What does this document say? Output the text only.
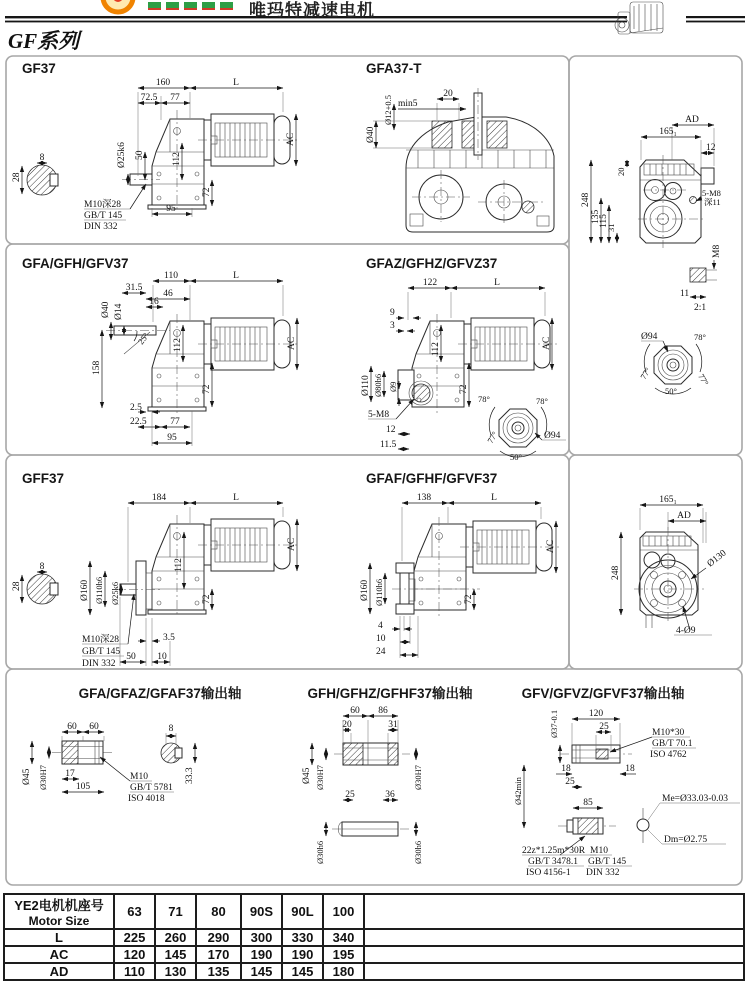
GF37
160	L
72.5 77
Ø25k6 50	112
AC
72
95
M10深28
GB/T 145
DIN 332
8
28
GFA37-T
20
min5
Ø12+0.5
Ø40
AD
165₁
12
248
135
115
31
20
5-M8
深11
M8
11
2:1
Ø94	78°
77°	77°
50°
GFA/GFH/GFV37
25°
110	L
31.5
46
16
Ø40 Ø14
158
112	AC
72
2.5
22.5 77
95
GFAZ/GFHZ/GFVZ37
122	L
9
3
Ø110 Ø80h6 Ø9
112	AC
72
5-M8
12
11.5
78°	78°
77°
50°
Ø94
GFF37
184	L
8
28	Ø160 Ø110h6 Ø25k6
112
AC
72
M10深28
GB/T 145
DIN 332
3.5
50 10
GFAF/GFHF/GFVF37
138	L
Ø160 Ø110h6
AC
72
4
10
24
165₁
AD
248
Ø130
4-Ø9
GFA/GFAZ/GFAF37输出轴
60 60
Ø45 Ø30H7 17
105
M10
GB/T 5781
ISO 4018
8
33.3
GFH/GFHZ/GFHF37输出轴
60 86
20	31
Ø45 Ø30H7	Ø30H7
25	36
Ø30h6	Ø30h6
GFV/GFVZ/GFVF37输出轴
Ø37-0.1	120
25
M10*30
GB/T 70.1
ISO 4762
18	18
25
Ø42min	85
22z*1.25m*30R
GB/T 3478.1
ISO 4156-1
M10
GB/T 145
DIN 332
Me=Ø33.03-0.03
Dm=Ø2.75
唯玛特减速电机
GF系列
YE2电机机座号
Motor Size	63	71	80	90S	90L	100	
L	225	260	290	300	330	340	
AC	120	145	170	190	190	195	
AD	110	130	135	145	145	180	
